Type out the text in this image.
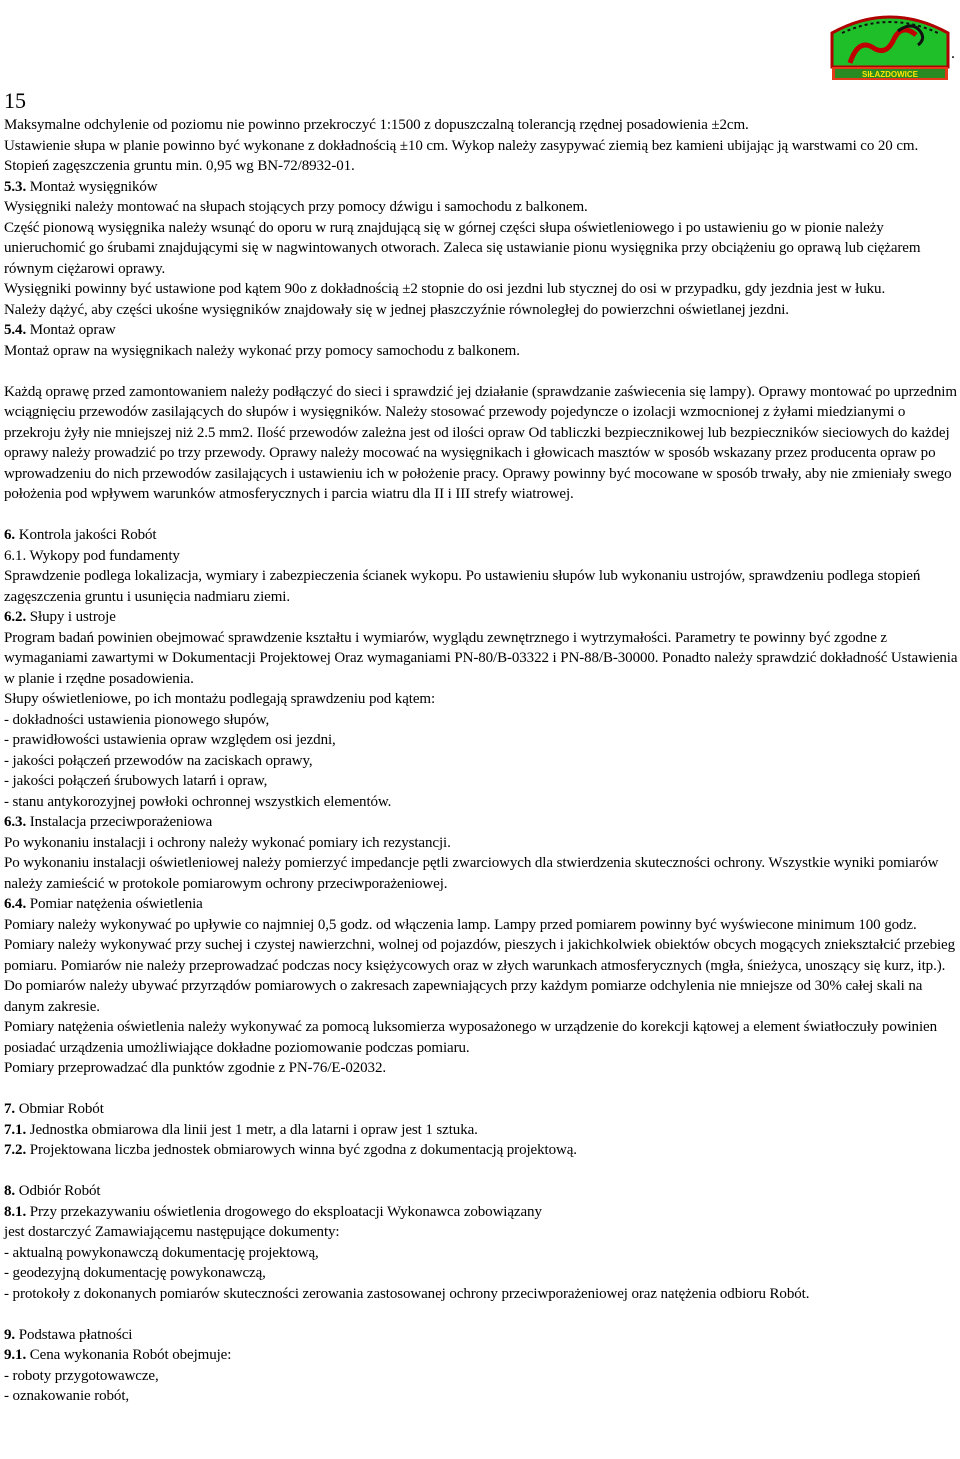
SIŁAZDOWICE
.
15

Maksymalne odchylenie od poziomu nie powinno przekroczyć 1:1500 z dopuszczalną tolerancją rzędnej posadowienia ±2cm.

Ustawienie słupa w planie powinno być wykonane z dokładnością ±10 cm. Wykop należy zasypywać ziemią bez kamieni ubijając ją warstwami co 20 cm.

Stopień zagęszczenia gruntu min. 0,95 wg BN-72/8932-01.

5.3. Montaż wysięgników

Wysięgniki należy montować na słupach stojących przy pomocy dźwigu i samochodu z balkonem.

Część pionową wysięgnika należy wsunąć do oporu w rurą znajdującą się w górnej części słupa oświetleniowego i po ustawieniu go w pionie należy unieruchomić go śrubami znajdującymi się w nagwintowanych otworach. Zaleca się ustawianie pionu wysięgnika przy obciążeniu go oprawą lub ciężarem równym ciężarowi oprawy.

Wysięgniki powinny być ustawione pod kątem 90o z dokładnością ±2 stopnie do osi jezdni lub stycznej do osi w przypadku, gdy jezdnia jest w łuku.

Należy dążyć, aby części ukośne wysięgników znajdowały się w jednej płaszczyźnie równoległej do powierzchni oświetlanej jezdni.

5.4. Montaż opraw

Montaż opraw na wysięgnikach należy wykonać przy pomocy samochodu z balkonem.

Każdą oprawę przed zamontowaniem należy podłączyć do sieci i sprawdzić jej działanie (sprawdzanie zaświecenia się lampy). Oprawy montować po uprzednim wciągnięciu przewodów zasilających do słupów i wysięgników. Należy stosować przewody pojedyncze o izolacji wzmocnionej z żyłami miedzianymi o przekroju żyły nie mniejszej niż 2.5 mm2. Ilość przewodów zależna jest od ilości opraw Od tabliczki bezpiecznikowej lub bezpieczników sieciowych do każdej oprawy należy prowadzić po trzy przewody. Oprawy należy mocować na wysięgnikach i głowicach masztów w sposób wskazany przez producenta opraw po wprowadzeniu do nich przewodów zasilających i ustawieniu ich w położenie pracy. Oprawy powinny być mocowane w sposób trwały, aby nie zmieniały swego położenia pod wpływem warunków atmosferycznych i parcia wiatru dla II i III strefy wiatrowej.

6. Kontrola jakości Robót

6.1. Wykopy pod fundamenty

Sprawdzenie podlega lokalizacja, wymiary i zabezpieczenia ścianek wykopu. Po ustawieniu słupów lub wykonaniu ustrojów, sprawdzeniu podlega stopień zagęszczenia gruntu i usunięcia nadmiaru ziemi.

6.2. Słupy i ustroje

Program badań powinien obejmować sprawdzenie kształtu i wymiarów, wyglądu zewnętrznego i wytrzymałości. Parametry te powinny być zgodne z wymaganiami zawartymi w Dokumentacji Projektowej Oraz wymaganiami PN-80/B-03322 i PN-88/B-30000. Ponadto należy sprawdzić dokładność Ustawienia w planie i rzędne posadowienia.

Słupy oświetleniowe, po ich montażu podlegają sprawdzeniu pod kątem:

- dokładności ustawienia pionowego słupów,

- prawidłowości ustawienia opraw względem osi jezdni,

- jakości połączeń przewodów na zaciskach oprawy,

- jakości połączeń śrubowych latarń i opraw,

- stanu antykorozyjnej powłoki ochronnej wszystkich elementów.

6.3. Instalacja przeciwporażeniowa

Po wykonaniu instalacji i ochrony należy wykonać pomiary ich rezystancji.

Po wykonaniu instalacji oświetleniowej należy pomierzyć impedancje pętli zwarciowych dla stwierdzenia skuteczności ochrony. Wszystkie wyniki pomiarów należy zamieścić w protokole pomiarowym ochrony przeciwporażeniowej.

6.4. Pomiar natężenia oświetlenia

Pomiary należy wykonywać po upływie co najmniej 0,5 godz. od włączenia lamp. Lampy przed pomiarem powinny być wyświecone minimum 100 godz. Pomiary należy wykonywać przy suchej i czystej nawierzchni, wolnej od pojazdów, pieszych i jakichkolwiek obiektów obcych mogących zniekształcić przebieg pomiaru. Pomiarów nie należy przeprowadzać podczas nocy księżycowych oraz w złych warunkach atmosferycznych (mgła, śnieżyca, unoszący się kurz, itp.). Do pomiarów należy ubywać przyrządów pomiarowych o zakresach zapewniających przy każdym pomiarze odchylenia nie mniejsze od 30% całej skali na danym zakresie.

Pomiary natężenia oświetlenia należy wykonywać za pomocą luksomierza wyposażonego w urządzenie do korekcji kątowej a element światłoczuły powinien posiadać urządzenia umożliwiające dokładne poziomowanie podczas pomiaru.

Pomiary przeprowadzać dla punktów zgodnie z PN-76/E-02032.

7. Obmiar Robót

7.1. Jednostka obmiarowa dla linii jest 1 metr, a dla latarni i opraw jest 1 sztuka.

7.2. Projektowana liczba jednostek obmiarowych winna być zgodna z dokumentacją projektową.

8. Odbiór Robót

8.1. Przy przekazywaniu oświetlenia drogowego do eksploatacji Wykonawca zobowiązany

jest dostarczyć Zamawiającemu następujące dokumenty:

- aktualną powykonawczą dokumentację projektową,

- geodezyjną dokumentację powykonawczą,

- protokoły z dokonanych pomiarów skuteczności zerowania zastosowanej ochrony przeciwporażeniowej oraz natężenia odbioru Robót.

9. Podstawa płatności

9.1. Cena wykonania Robót obejmuje:

- roboty przygotowawcze,

- oznakowanie robót,
